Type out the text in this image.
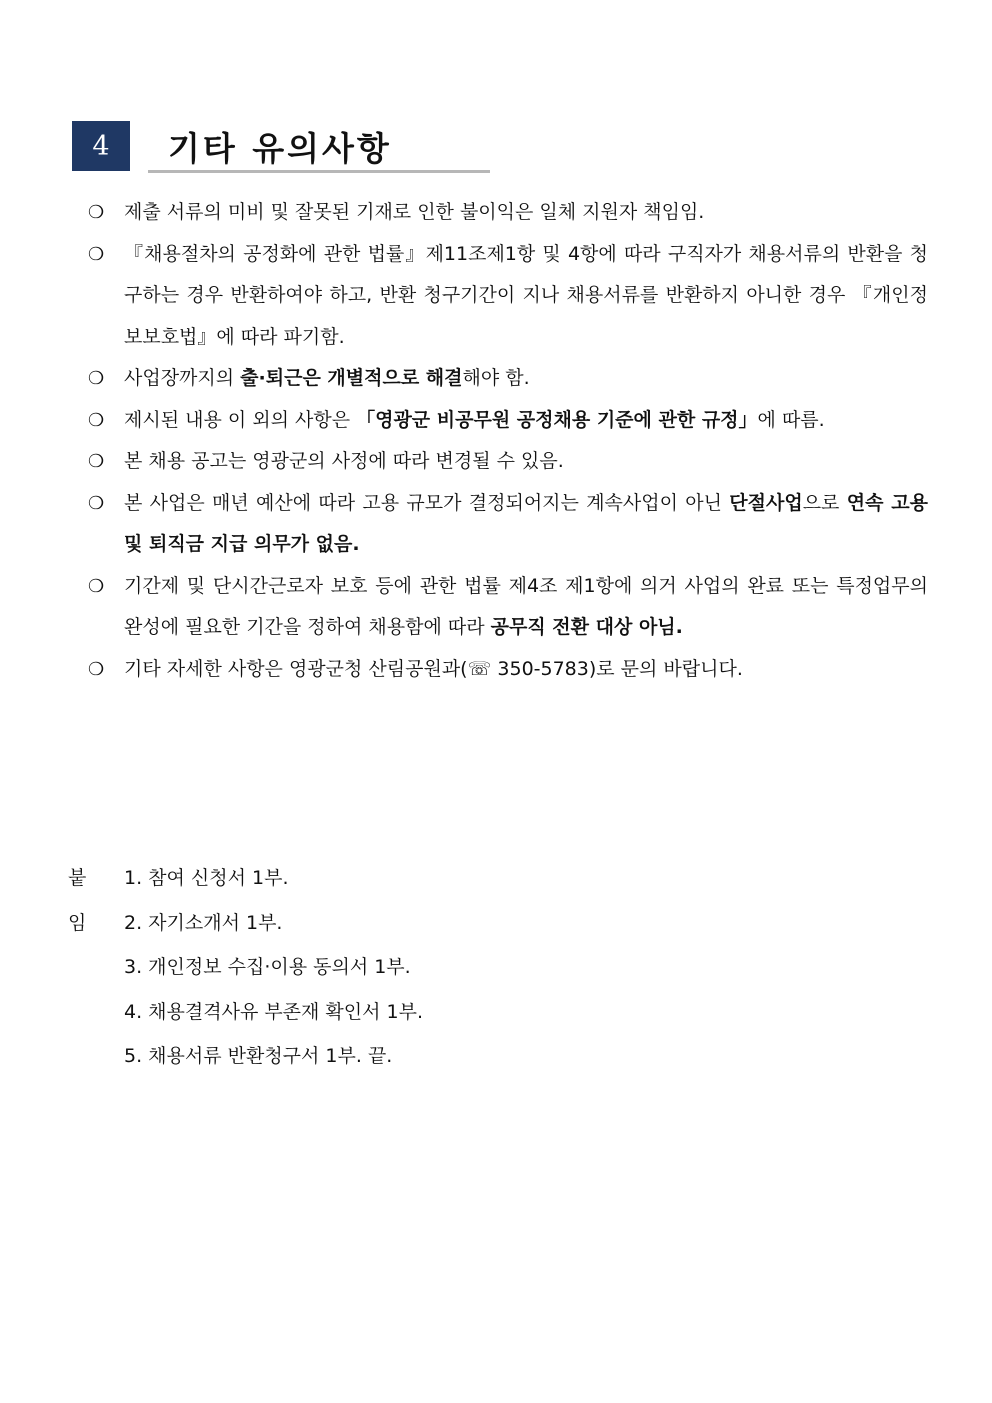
4 기타 유의사항
❍ 제출 서류의 미비 및 잘못된 기재로 인한 불이익은 일체 지원자 책임임.
❍ 『채용절차의 공정화에 관한 법률』제11조제1항 및 4항에 따라 구직자가 채용서류의 반환을 청구하는 경우 반환하여야 하고, 반환 청구기간이 지나 채용서류를 반환하지 아니한 경우 『개인정보보호법』에 따라 파기함.
❍ 사업장까지의 출·퇴근은 개별적으로 해결해야 함.
❍ 제시된 내용 이 외의 사항은 「영광군 비공무원 공정채용 기준에 관한 규정」에 따름.
❍ 본 채용 공고는 영광군의 사정에 따라 변경될 수 있음.
❍ 본 사업은 매년 예산에 따라 고용 규모가 결정되어지는 계속사업이 아닌 단절사업으로 연속 고용 및 퇴직금 지급 의무가 없음.
❍ 기간제 및 단시간근로자 보호 등에 관한 법률 제4조 제1항에 의거 사업의 완료 또는 특정업무의 완성에 필요한 기간을 정하여 채용함에 따라 공무직 전환 대상 아님.
❍ 기타 자세한 사항은 영광군청 산림공원과(☏ 350-5783)로 문의 바랍니다.
붙임
1. 참여 신청서 1부.
2. 자기소개서 1부.
3. 개인정보 수집·이용 동의서 1부.
4. 채용결격사유 부존재 확인서 1부.
5. 채용서류 반환청구서 1부. 끝.
